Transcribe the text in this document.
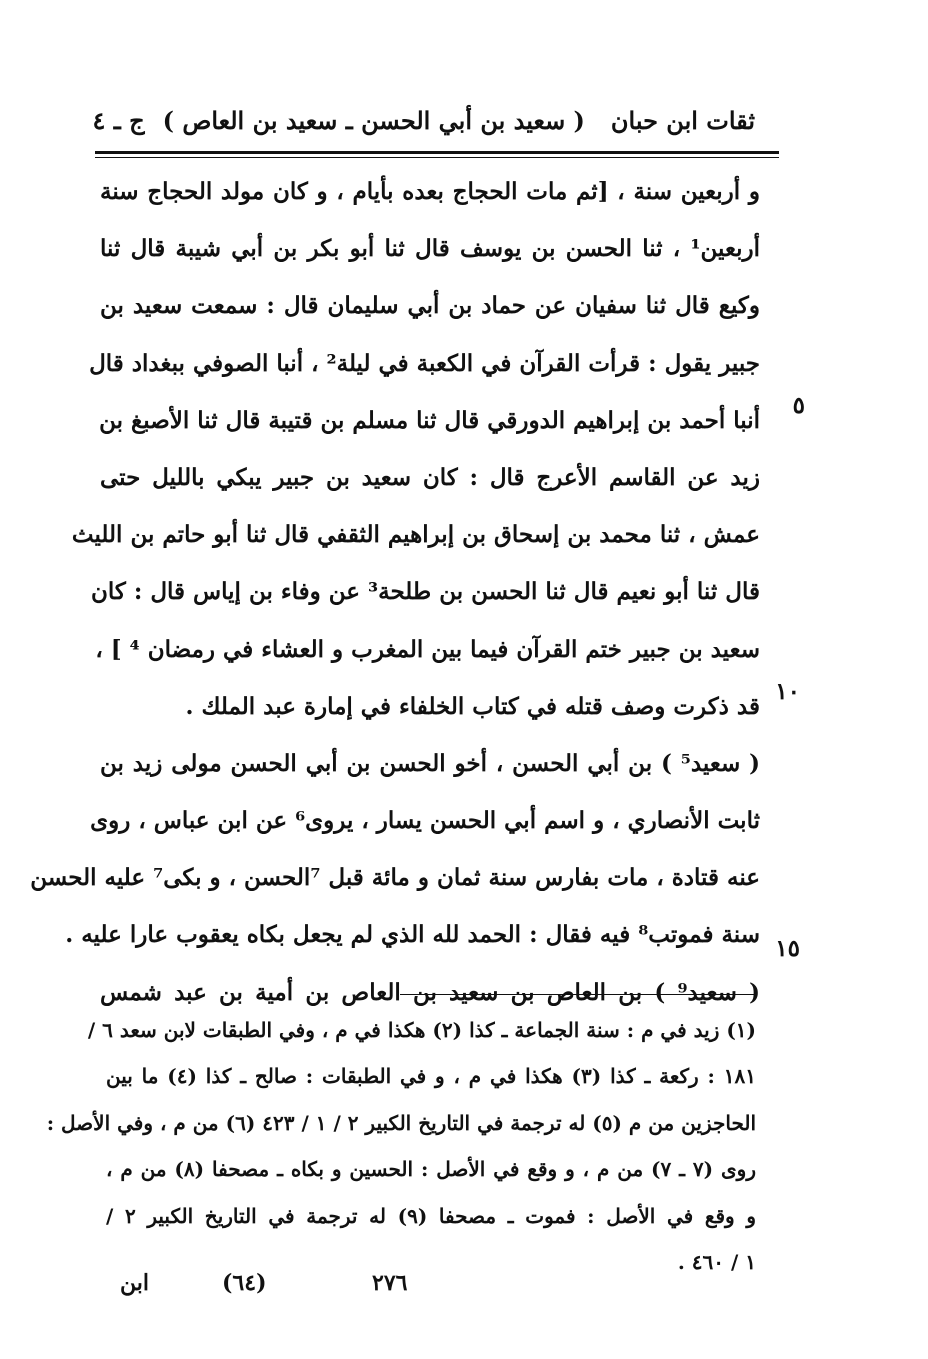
ثقات ابن حبان
( سعيد بن أبي الحسن ـ سعيد بن العاص )
ج ـ ٤
و أربعين سنة ، [ثم مات الحجاج بعده بأيام ، و كان مولد الحجاج سنة
أربعين¹ ، ثنا الحسن بن يوسف قال ثنا أبو بكر بن أبي شيبة قال ثنا
وكيع قال ثنا سفيان عن حماد بن أبي سليمان قال : سمعت سعيد بن
جبير يقول : قرأت القرآن في الكعبة في ليلة² ، أنبا الصوفي ببغداد قال
أنبا أحمد بن إبراهيم الدورقي قال ثنا مسلم بن قتيبة قال ثنا الأصبغ بن
زيد عن القاسم الأعرج قال : كان سعيد بن جبير يبكي بالليل حتى
عمش ، ثنا محمد بن إسحاق بن إبراهيم الثقفي قال ثنا أبو حاتم بن الليث
قال ثنا أبو نعيم قال ثنا الحسن بن طلحة³ عن وفاء بن إياس قال : كان
سعيد بن جبير ختم القرآن فيما بين المغرب و العشاء في رمضان ⁴ ] ،
قد ذكرت وصف قتله في كتاب الخلفاء في إمارة عبد الملك .
( سعيد⁵ ) بن أبي الحسن ، أخو الحسن بن أبي الحسن مولى زيد بن
ثابت الأنصاري ، و اسم أبي الحسن يسار ، يروى⁶ عن ابن عباس ، روى
عنه قتادة ، مات بفارس سنة ثمان و مائة قبل ⁷الحسن ، و بكى⁷ عليه الحسن
سنة فموتب⁸ فيه فقال : الحمد لله الذي لم يجعل بكاه يعقوب عارا عليه .
( سعيد⁹ ) بن العاص بن سعيد بن العاص بن أمية بن عبد شمس
٥
١٠
١٥
(١) زيد في م : سنة الجماعة ـ كذا (٢) هكذا في م ، وفي الطبقات لابن سعد ٦ /
١٨١ : ركعة ـ كذا (٣) هكذا في م ، و في الطبقات : صالح ـ كذا (٤) ما بين
الحاجزين من م (٥) له ترجمة في التاريخ الكبير ٢ / ١ / ٤٢٣ (٦) من م ، وفي الأصل :
روى (٧ ـ ٧) من م ، و وقع في الأصل : الحسين و بكاه ـ مصحفا (٨) من م ،
و وقع في الأصل : فموت ـ مصحفا (٩) له ترجمة في التاريخ الكبير ٢ /
١ / ٤٦٠ .
٢٧٦
(٦٤)
ابن
